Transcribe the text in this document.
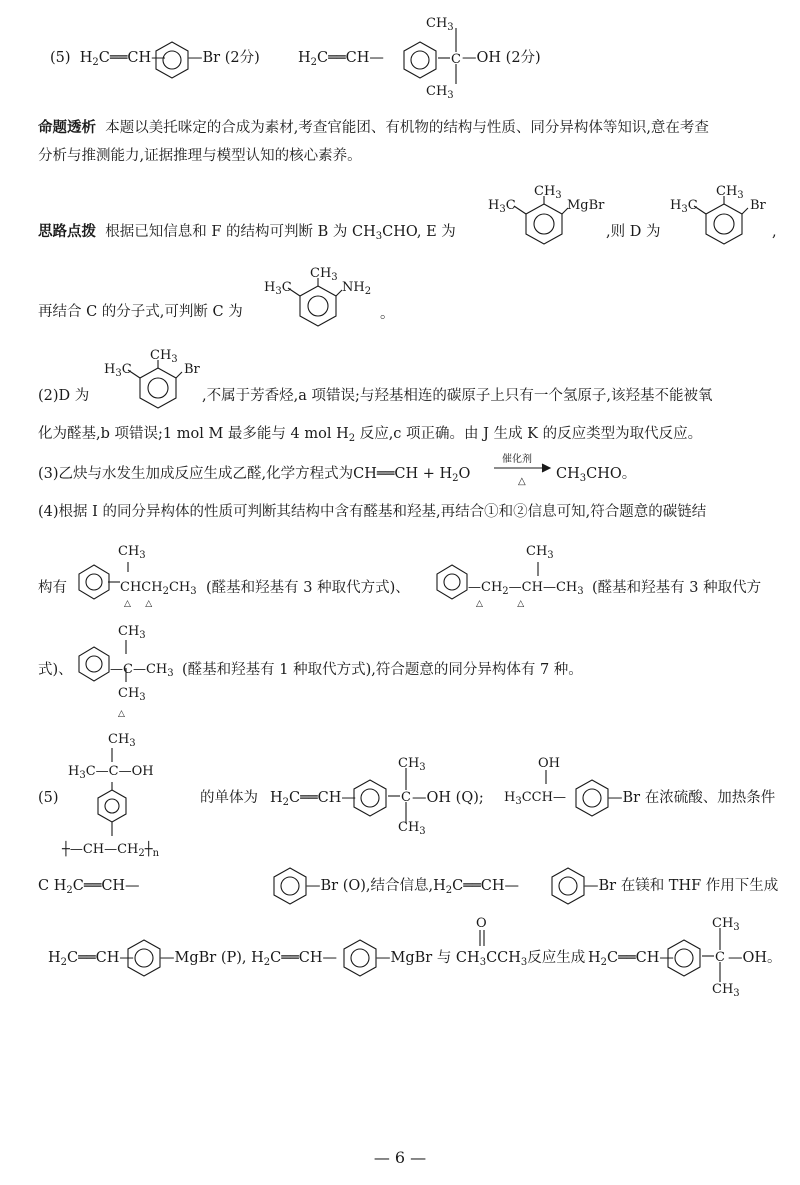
(5) $H_2C══CH—$ —Br (2分)	$H_2C══CH—$	C
$CH_3$
$CH_3$
—OH (2分)
命题透析 本题以美托咪定的合成为素材,考查官能团、有机物的结构与性质、同分异构体等知识,意在考查
分析与推测能力,证据推理与模型认知的核心素养。
思路点拨 根据已知信息和 F 的结构可判断 B 为 $CH_3CHO$, E 为
$H_3C$
$CH_3$
MgBr
,则 D 为
$H_3C$
$CH_3$
Br
,
再结合 C 的分子式,可判断 C 为
$H_3C$
$CH_3$
$NH_2$
。
(2)D 为
$H_3C$
$CH_3$
Br
,不属于芳香烃,a 项错误;与羟基相连的碳原子上只有一个氢原子,该羟基不能被氧
化为醛基,b 项错误;1 mol M 最多能与 4 mol $H_2$ 反应,c 项正确。由 J 生成 K 的反应类型为取代反应。
(3)乙炔与水发生加成反应生成乙醛,化学方程式为CH══CH + $H_2O$
催化剂
△ $CH_3CHO$。
(4)根据 I 的同分异构体的性质可判断其结构中含有醛基和羟基,再结合①和②信息可知,符合题意的碳链结
构有
$CH_3$
$CHCH_2CH_3$
△ △
(醛基和羟基有 3 种取代方式)、	$—CH_2—CH—CH_3$
$CH_3$
△	△
(醛基和羟基有 3 种取代方
式)、
$CH_3$
$—C—CH_3$
$CH_3$
△
(醛基和羟基有 1 种取代方式),符合题意的同分异构体有 7 种。
(5)
$CH_3$
$H_3C—C—OH$
$┼—CH—CH_2┼_n$
的单体为 $H_2C══CH—$	C
$CH_3$
$CH_3$
—OH (Q);
OH
$H_3CCH—$	—Br 在浓硫酸、加热条件
C $H_2C══CH—$	—Br (O),结合信息$,H_2C══CH—$	—Br 在镁和 THF 作用下生成
$H_2C══CH—$ —MgBr (P), $H_2C══CH—$	—MgBr 与 $CH_3CCH_3$反应生成
O
$H_2C══CH—$	C
$CH_3$
$CH_3$
—OH。
— 6 —
